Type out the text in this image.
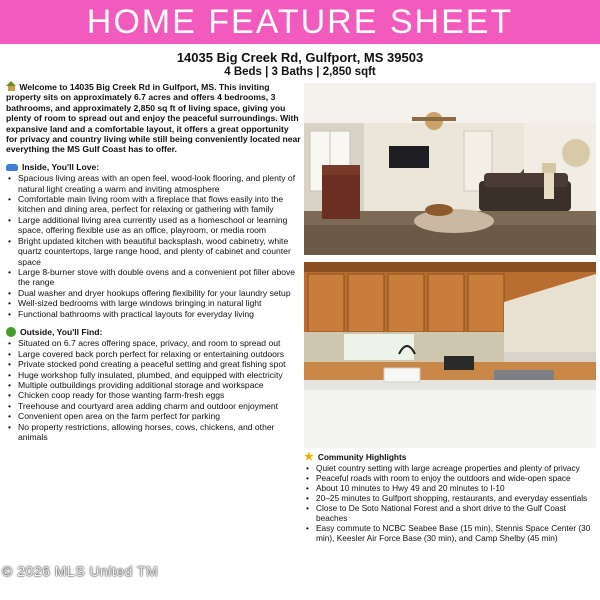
HOME FEATURE SHEET
14035 Big Creek Rd, Gulfport, MS 39503
4 Beds | 3 Baths | 2,850 sqft

Welcome to 14035 Big Creek Rd in Gulfport, MS. This inviting property sits on approximately 6.7 acres and offers 4 bedrooms, 3 bathrooms, and approximately 2,850 sq ft of living space, giving you plenty of room to spread out and enjoy the peaceful surroundings. With expansive land and a comfortable layout, it offers a great opportunity for privacy and country living while still being conveniently located near everything the MS Gulf Coast has to offer.

Inside, You'll Love:
• Spacious living areas with an open feel, wood-look flooring, and plenty of natural light creating a warm and inviting atmosphere
• Comfortable main living room with a fireplace that flows easily into the kitchen and dining area, perfect for relaxing or gathering with family
• Large additional living area currently used as a homeschool or learning space, offering flexible use as an office, playroom, or media room
• Bright updated kitchen with beautiful backsplash, wood cabinetry, white quartz countertops, large range hood, and plenty of cabinet and counter space
• Large 8-burner stove with double ovens and a convenient pot filler above the range
• Dual washer and dryer hookups offering flexibility for your laundry setup
• Well-sized bedrooms with large windows bringing in natural light
• Functional bathrooms with practical layouts for everyday living
Outside, You'll Find:
• Situated on 6.7 acres offering space, privacy, and room to spread out
• Large covered back porch perfect for relaxing or entertaining outdoors
• Private stocked pond creating a peaceful setting and great fishing spot
• Huge workshop fully insulated, plumbed, and equipped with electricity
• Multiple outbuildings providing additional storage and workspace
• Chicken coop ready for those wanting farm-fresh eggs
• Treehouse and courtyard area adding charm and outdoor enjoyment
• Convenient open area on the farm perfect for parking
• No property restrictions, allowing horses, cows, chickens, and other animals
★ Community Highlights
• Quiet country setting with large acreage properties and plenty of privacy
• Peaceful roads with room to enjoy the outdoors and wide-open space
• About 10 minutes to Hwy 49 and 20 minutes to I-10
• 20–25 minutes to Gulfport shopping, restaurants, and everyday essentials
• Close to De Soto National Forest and a short drive to the Gulf Coast beaches
• Easy commute to NCBC Seabee Base (15 min), Stennis Space Center (30 min), Keesler Air Force Base (30 min), and Camp Shelby (45 min)
© 2026 MLS United TM
